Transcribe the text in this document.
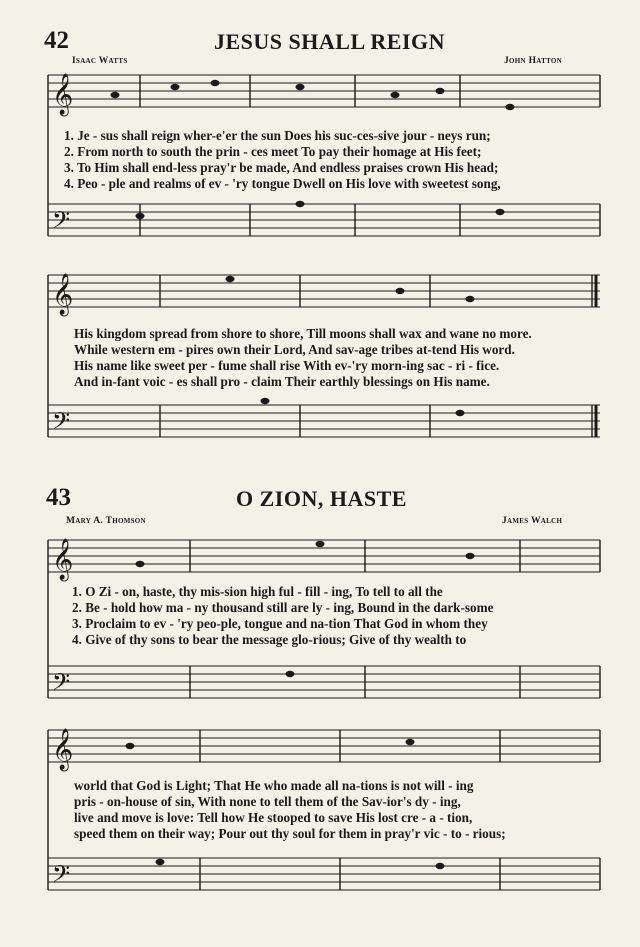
42	JESUS SHALL REIGN
Isaac Watts	John Hatton
𝄞
𝄢
𝄞
𝄢
𝄞
𝄢
𝄞
𝄢
1. Je - sus shall reign wher-e'er the sun Does his suc-ces-sive jour - neys run;
2. From north to south the prin - ces meet To pay their homage at His feet;
3. To Him shall end-less pray'r be made, And endless praises crown His head;
4. Peo - ple and realms of ev - 'ry tongue Dwell on His love with sweetest song,
His kingdom spread from shore to shore, Till moons shall wax and wane no more.
While western em - pires own their Lord, And sav-age tribes at-tend His word.
His name like sweet per - fume shall rise With ev-'ry morn-ing sac - ri - fice.
And in-fant voic - es shall pro - claim Their earthly blessings on His name.
43	O ZION, HASTE
Mary A. Thomson	James Walch
1. O Zi - on, haste, thy mis-sion high ful - fill - ing, To tell to all the
2. Be - hold how ma - ny thousand still are ly - ing, Bound in the dark-some
3. Proclaim to ev - 'ry peo-ple, tongue and na-tion That God in whom they
4. Give of thy sons to bear the message glo-rious; Give of thy wealth to
world that God is Light; That He who made all na-tions is not will - ing
pris - on-house of sin, With none to tell them of the Sav-ior's dy - ing,
live and move is love: Tell how He stooped to save His lost cre - a - tion,
speed them on their way; Pour out thy soul for them in pray'r vic - to - rious;
